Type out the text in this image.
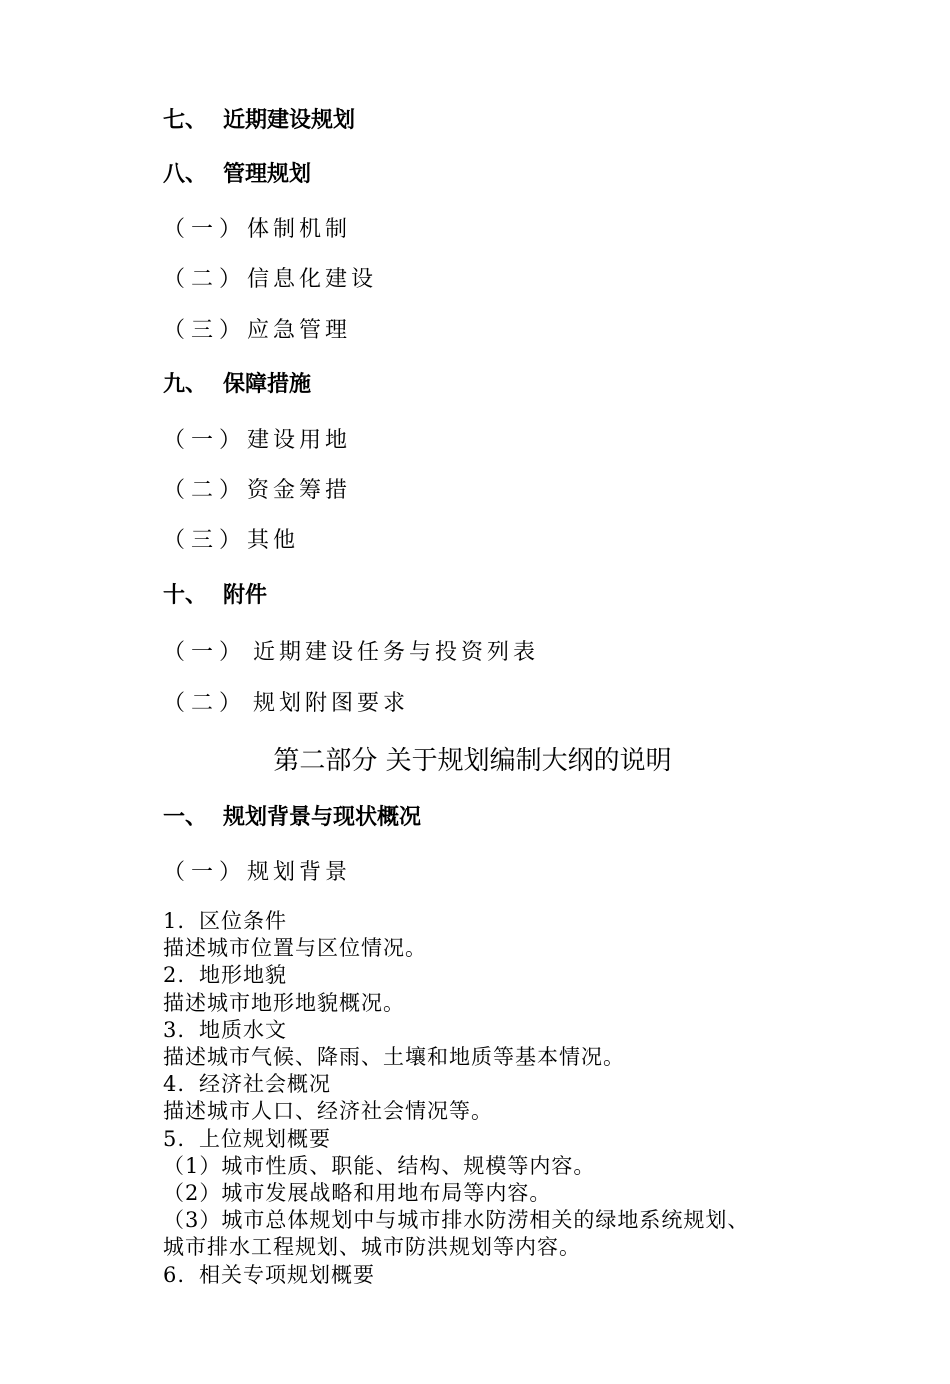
七、 近期建设规划
八、 管理规划
（一）体制机制
（二）信息化建设
（三）应急管理
九、 保障措施
（一）建设用地
（二）资金筹措
（三）其他
十、 附件
（一） 近期建设任务与投资列表
（二） 规划附图要求
第二部分 关于规划编制大纲的说明
一、 规划背景与现状概况
（一）规划背景
1. 区位条件
描述城市位置与区位情况。
2. 地形地貌
描述城市地形地貌概况。
3. 地质水文
描述城市气候、降雨、土壤和地质等基本情况。
4. 经济社会概况
描述城市人口、经济社会情况等。
5. 上位规划概要
（1）城市性质、职能、结构、规模等内容。
（2）城市发展战略和用地布局等内容。
（3）城市总体规划中与城市排水防涝相关的绿地系统规划、
城市排水工程规划、城市防洪规划等内容。
6. 相关专项规划概要
